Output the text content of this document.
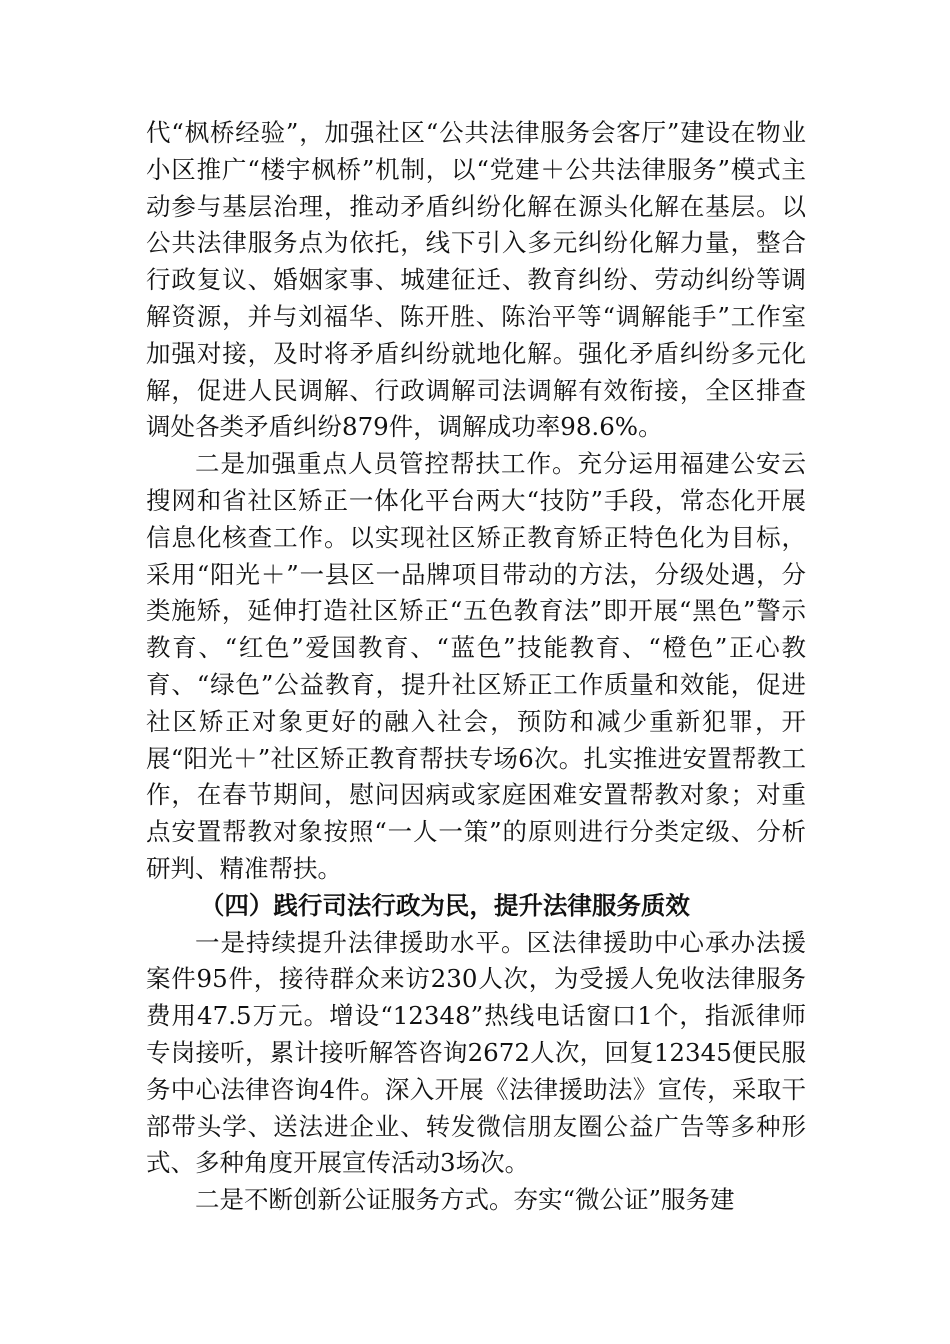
代“枫桥经验”，加强社区“公共法律服务会客厅”建设在物业小区推广“楼宇枫桥”机制，以“党建＋公共法律服务”模式主动参与基层治理，推动矛盾纠纷化解在源头化解在基层。以公共法律服务点为依托，线下引入多元纠纷化解力量，整合行政复议、婚姻家事、城建征迁、教育纠纷、劳动纠纷等调解资源，并与刘福华、陈开胜、陈治平等“调解能手”工作室加强对接，及时将矛盾纠纷就地化解。强化矛盾纠纷多元化解，促进人民调解、行政调解司法调解有效衔接，全区排查调处各类矛盾纠纷879件，调解成功率98.6%。

二是加强重点人员管控帮扶工作。充分运用福建公安云搜网和省社区矫正一体化平台两大“技防”手段，常态化开展信息化核查工作。以实现社区矫正教育矫正特色化为目标，采用“阳光＋”一县区一品牌项目带动的方法，分级处遇，分类施矫，延伸打造社区矫正“五色教育法”即开展“黑色”警示教育、“红色”爱国教育、“蓝色”技能教育、“橙色”正心教育、“绿色”公益教育，提升社区矫正工作质量和效能，促进社区矫正对象更好的融入社会，预防和减少重新犯罪，开展“阳光＋”社区矫正教育帮扶专场6次。扎实推进安置帮教工作，在春节期间，慰问因病或家庭困难安置帮教对象；对重点安置帮教对象按照“一人一策”的原则进行分类定级、分析研判、精准帮扶。

（四）践行司法行政为民，提升法律服务质效

一是持续提升法律援助水平。区法律援助中心承办法援案件95件，接待群众来访230人次，为受援人免收法律服务费用47.5万元。增设“12348”热线电话窗口1个，指派律师专岗接听，累计接听解答咨询2672人次，回复12345便民服务中心法律咨询4件。深入开展《法律援助法》宣传，采取干部带头学、送法进企业、转发微信朋友圈公益广告等多种形式、多种角度开展宣传活动3场次。

二是不断创新公证服务方式。夯实“微公证”服务建
